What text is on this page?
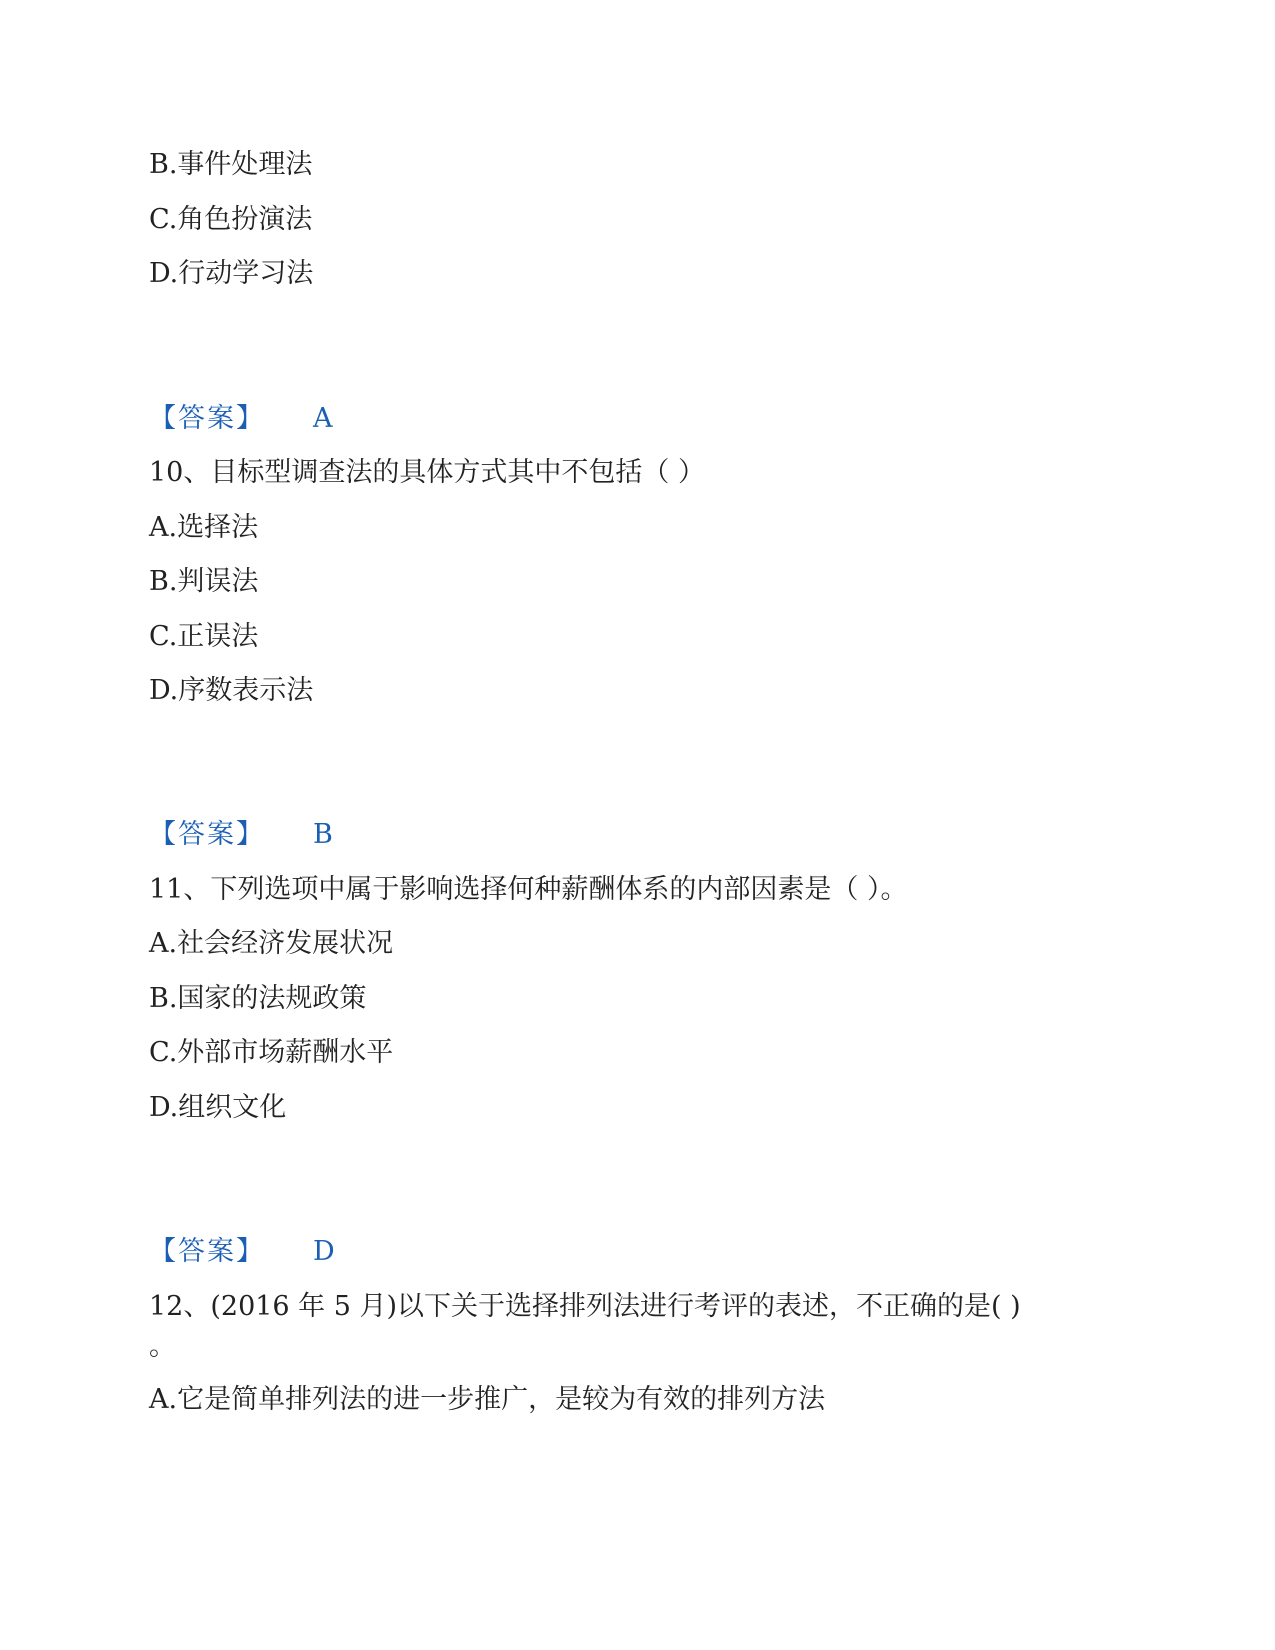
B.事件处理法
C.角色扮演法
D.行动学习法
【答案】 A
10、目标型调查法的具体方式其中不包括（ ）
A.选择法
B.判误法
C.正误法
D.序数表示法
【答案】 B
11、下列选项中属于影响选择何种薪酬体系的内部因素是（ ）。
A.社会经济发展状况
B.国家的法规政策
C.外部市场薪酬水平
D.组织文化
【答案】 D
12、(2016 年 5 月)以下关于选择排列法进行考评的表述，不正确的是( )
。
A.它是简单排列法的进一步推广，是较为有效的排列方法
